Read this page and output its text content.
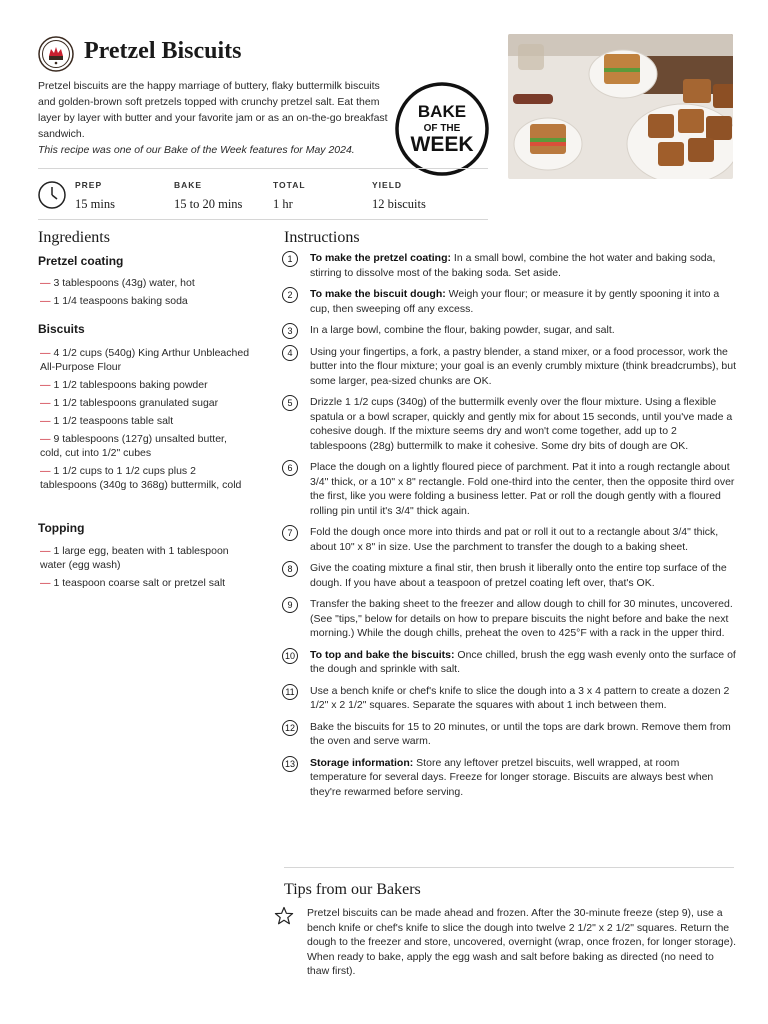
Pretzel Biscuits

Pretzel biscuits are the happy marriage of buttery, flaky buttermilk biscuits and golden-brown soft pretzels topped with crunchy pretzel salt. Eat them layer by layer with butter and your favorite jam or as an on-the-go breakfast sandwich.

This recipe was one of our Bake of the Week features for May 2024.

BAKE
OF THE
WEEK
PREP
15 mins
BAKE
15 to 20 mins
TOTAL
1 hr
YIELD
12 biscuits
Ingredients
Pretzel coating
— 3 tablespoons (43g) water, hot
— 1 1/4 teaspoons baking soda
Biscuits
— 4 1/2 cups (540g) King Arthur Unbleached All-Purpose Flour
— 1 1/2 tablespoons baking powder
— 1 1/2 tablespoons granulated sugar
— 1 1/2 teaspoons table salt
— 9 tablespoons (127g) unsalted butter, cold, cut into 1/2" cubes
— 1 1/2 cups to 1 1/2 cups plus 2 tablespoons (340g to 368g) buttermilk, cold
Topping
— 1 large egg, beaten with 1 tablespoon water (egg wash)
— 1 teaspoon coarse salt or pretzel salt
Instructions
1	To make the pretzel coating: In a small bowl, combine the hot water and baking soda, stirring to dissolve most of the baking soda. Set aside.
2	To make the biscuit dough: Weigh your flour; or measure it by gently spooning it into a cup, then sweeping off any excess.
3	In a large bowl, combine the flour, baking powder, sugar, and salt.
4	Using your fingertips, a fork, a pastry blender, a stand mixer, or a food processor, work the butter into the flour mixture; your goal is an evenly crumbly mixture (think breadcrumbs), but some larger, pea-sized chunks are OK.
5	Drizzle 1 1/2 cups (340g) of the buttermilk evenly over the flour mixture. Using a flexible spatula or a bowl scraper, quickly and gently mix for about 15 seconds, until you've made a cohesive dough. If the mixture seems dry and won't come together, add up to 2 tablespoons (28g) buttermilk to make it cohesive. Some dry bits of dough are OK.
6	Place the dough on a lightly floured piece of parchment. Pat it into a rough rectangle about 3/4" thick, or a 10" x 8" rectangle. Fold one-third into the center, then the opposite third over the first, like you were folding a business letter. Pat or roll the dough gently with a floured rolling pin until it's 3/4" thick again.
7	Fold the dough once more into thirds and pat or roll it out to a rectangle about 3/4" thick, about 10" x 8" in size. Use the parchment to transfer the dough to a baking sheet.
8	Give the coating mixture a final stir, then brush it liberally onto the entire top surface of the dough. If you have about a teaspoon of pretzel coating left over, that's OK.
9	Transfer the baking sheet to the freezer and allow dough to chill for 30 minutes, uncovered. (See "tips," below for details on how to prepare biscuits the night before and bake the next morning.) While the dough chills, preheat the oven to 425°F with a rack in the upper third.
10 To top and bake the biscuits: Once chilled, brush the egg wash evenly onto the surface of the dough and sprinkle with salt.
11	Use a bench knife or chef's knife to slice the dough into a 3 x 4 pattern to create a dozen 2 1/2" x 2 1/2" squares. Separate the squares with about 1 inch between them.
12 Bake the biscuits for 15 to 20 minutes, or until the tops are dark brown. Remove them from the oven and serve warm.
13 Storage information: Store any leftover pretzel biscuits, well wrapped, at room temperature for several days. Freeze for longer storage. Biscuits are always best when they're rewarmed before serving.
Tips from our Bakers

Pretzel biscuits can be made ahead and frozen. After the 30-minute freeze (step 9), use a bench knife or chef's knife to slice the dough into twelve 2 1/2" x 2 1/2" squares. Return the dough to the freezer and store, uncovered, overnight (wrap, once frozen, for longer storage). When ready to bake, apply the egg wash and salt before baking as directed (no need to thaw first).
